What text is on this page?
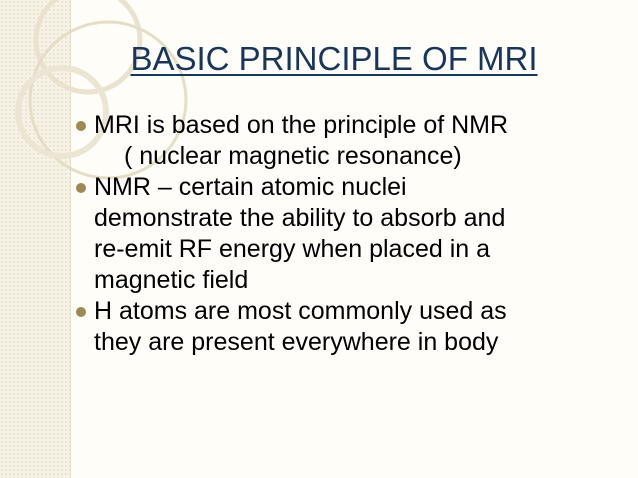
BASIC PRINCIPLE OF MRI
MRI is based on the principle of NMR
( nuclear magnetic resonance)
NMR – certain atomic nuclei
demonstrate the ability to absorb and
re-emit RF energy when placed in a
magnetic field
H atoms are most commonly used as
they are present everywhere in body
